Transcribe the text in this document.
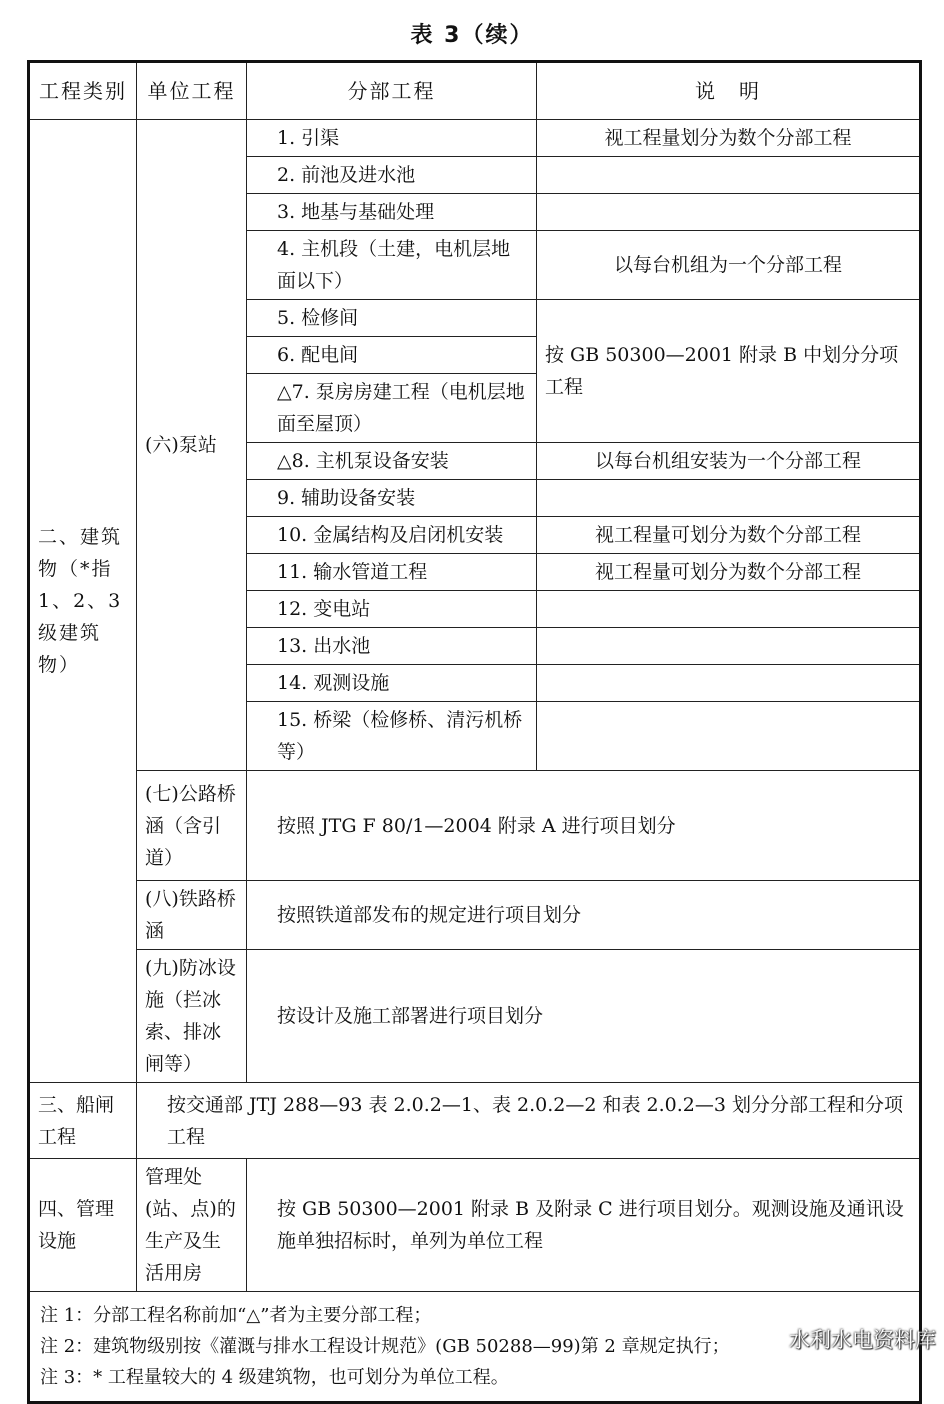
表 3（续）
工程类别	单位工程	分部工程	说　明
二、建筑物（*指1、2、3级建筑物）	(六)泵站	1. 引渠	视工程量划分为数个分部工程
		2. 前池及进水池	
		3. 地基与基础处理	
		4. 主机段（土建，电机层地面以下）	以每台机组为一个分部工程
		5. 检修间	按 GB 50300—2001 附录 B 中划分分项工程
		6. 配电间	
		△7. 泵房房建工程（电机层地面至屋顶）	
		△8. 主机泵设备安装	以每台机组安装为一个分部工程
		9. 辅助设备安装	
		10. 金属结构及启闭机安装	视工程量可划分为数个分部工程
		11. 输水管道工程	视工程量可划分为数个分部工程
		12. 变电站	
		13. 出水池	
		14. 观测设施	
		15. 桥梁（检修桥、清污机桥等）	
	(七)公路桥涵（含引道）	按照 JTG F 80/1—2004 附录 A 进行项目划分	
	(八)铁路桥涵	按照铁道部发布的规定进行项目划分	
	(九)防冰设施（拦冰索、排冰闸等）	按设计及施工部署进行项目划分	
三、船闸工程	按交通部 JTJ 288—93 表 2.0.2—1、表 2.0.2—2 和表 2.0.2—3 划分分部工程和分项工程		
四、管理设施	管理处(站、点)的生产及生活用房	按 GB 50300—2001 附录 B 及附录 C 进行项目划分。观测设施及通讯设施单独招标时，单列为单位工程	

注 1：分部工程名称前加“△”者为主要分部工程；
注 2：建筑物级别按《灌溉与排水工程设计规范》(GB 50288—99)第 2 章规定执行；
注 3：* 工程量较大的 4 级建筑物，也可划分为单位工程。			
水利水电资料库
